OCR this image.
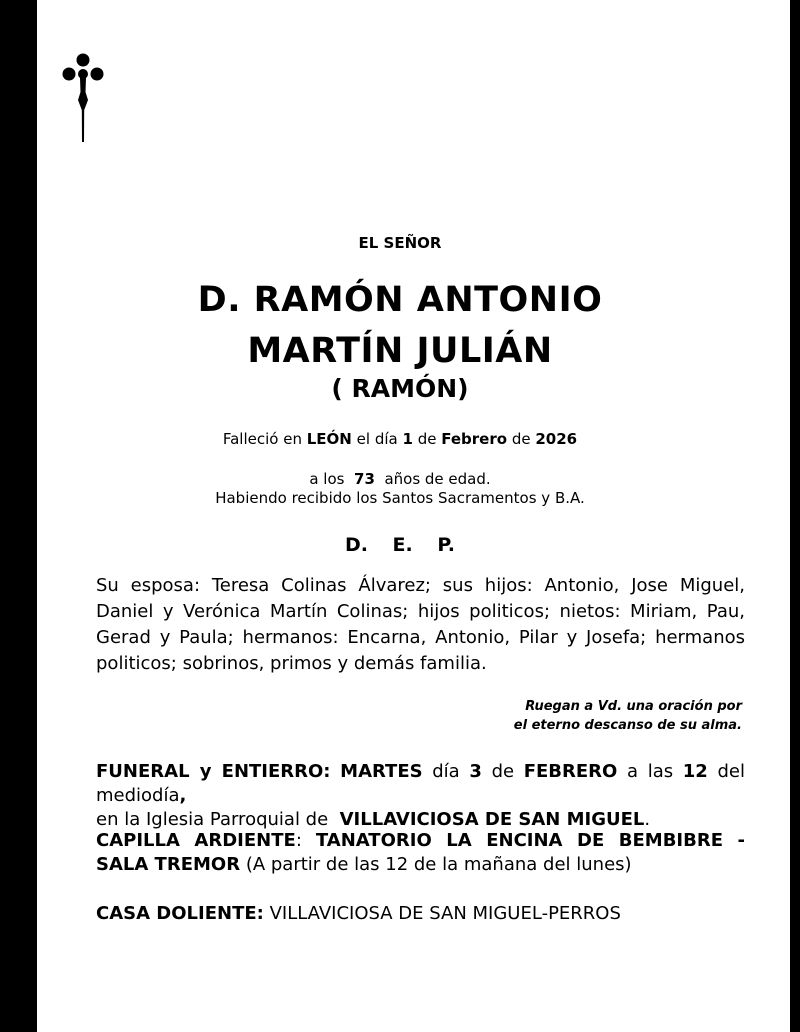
EL SEÑOR
D. RAMÓN ANTONIO
MARTÍN JULIÁN
( RAMÓN)
Falleció en LEÓN el día 1 de Febrero de 2026
a los 73 años de edad.
Habiendo recibido los Santos Sacramentos y B.A.
D. E. P.
Su esposa: Teresa Colinas Álvarez; sus hijos: Antonio, Jose Miguel, Daniel y Verónica Martín Colinas; hijos politicos; nietos: Miriam, Pau, Gerad y Paula; hermanos: Encarna, Antonio, Pilar y Josefa; hermanos politicos; sobrinos, primos y demás familia.
Ruegan a Vd. una oración por
el eterno descanso de su alma.
FUNERAL y ENTIERRO: MARTES día 3 de FEBRERO a las 12 del mediodía,
en la Iglesia Parroquial de VILLAVICIOSA DE SAN MIGUEL.
CAPILLA ARDIENTE: TANATORIO LA ENCINA DE BEMBIBRE - SALA TREMOR (A partir de las 12 de la mañana del lunes)
CASA DOLIENTE: VILLAVICIOSA DE SAN MIGUEL-PERROS
